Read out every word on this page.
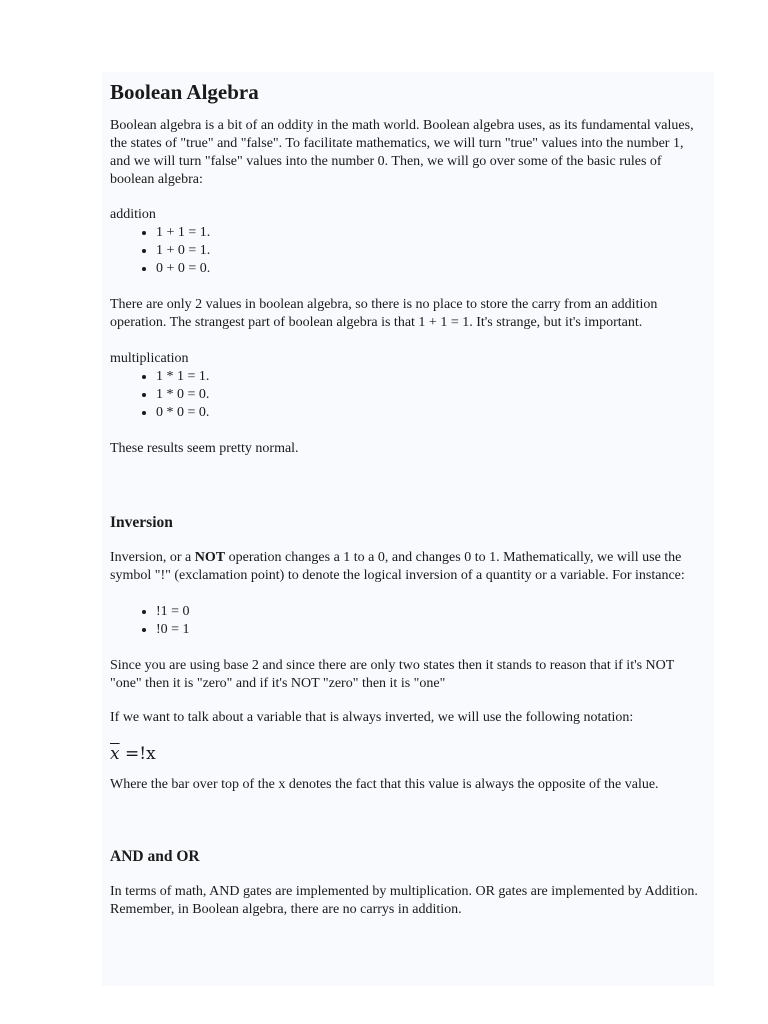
Boolean Algebra

Boolean algebra is a bit of an oddity in the math world. Boolean algebra uses, as its fundamental values, the states of "true" and "false". To facilitate mathematics, we will turn "true" values into the number 1, and we will turn "false" values into the number 0. Then, we will go over some of the basic rules of boolean algebra:

addition

• 1 + 1 = 1.
• 1 + 0 = 1.
• 0 + 0 = 0.

There are only 2 values in boolean algebra, so there is no place to store the carry from an addition operation. The strangest part of boolean algebra is that 1 + 1 = 1. It's strange, but it's important.

multiplication

• 1 * 1 = 1.
• 1 * 0 = 0.
• 0 * 0 = 0.

These results seem pretty normal.

Inversion

Inversion, or a NOT operation changes a 1 to a 0, and changes 0 to 1. Mathematically, we will use the symbol "!" (exclamation point) to denote the logical inversion of a quantity or a variable. For instance:

• !1 = 0
• !0 = 1

Since you are using base 2 and since there are only two states then it stands to reason that if it's NOT "one" then it is "zero" and if it's NOT "zero" then it is "one"

If we want to talk about a variable that is always inverted, we will use the following notation:

$\overline{x} =!x$

Where the bar over top of the x denotes the fact that this value is always the opposite of the value.

AND and OR

In terms of math, AND gates are implemented by multiplication. OR gates are implemented by Addition. Remember, in Boolean algebra, there are no carrys in addition.
